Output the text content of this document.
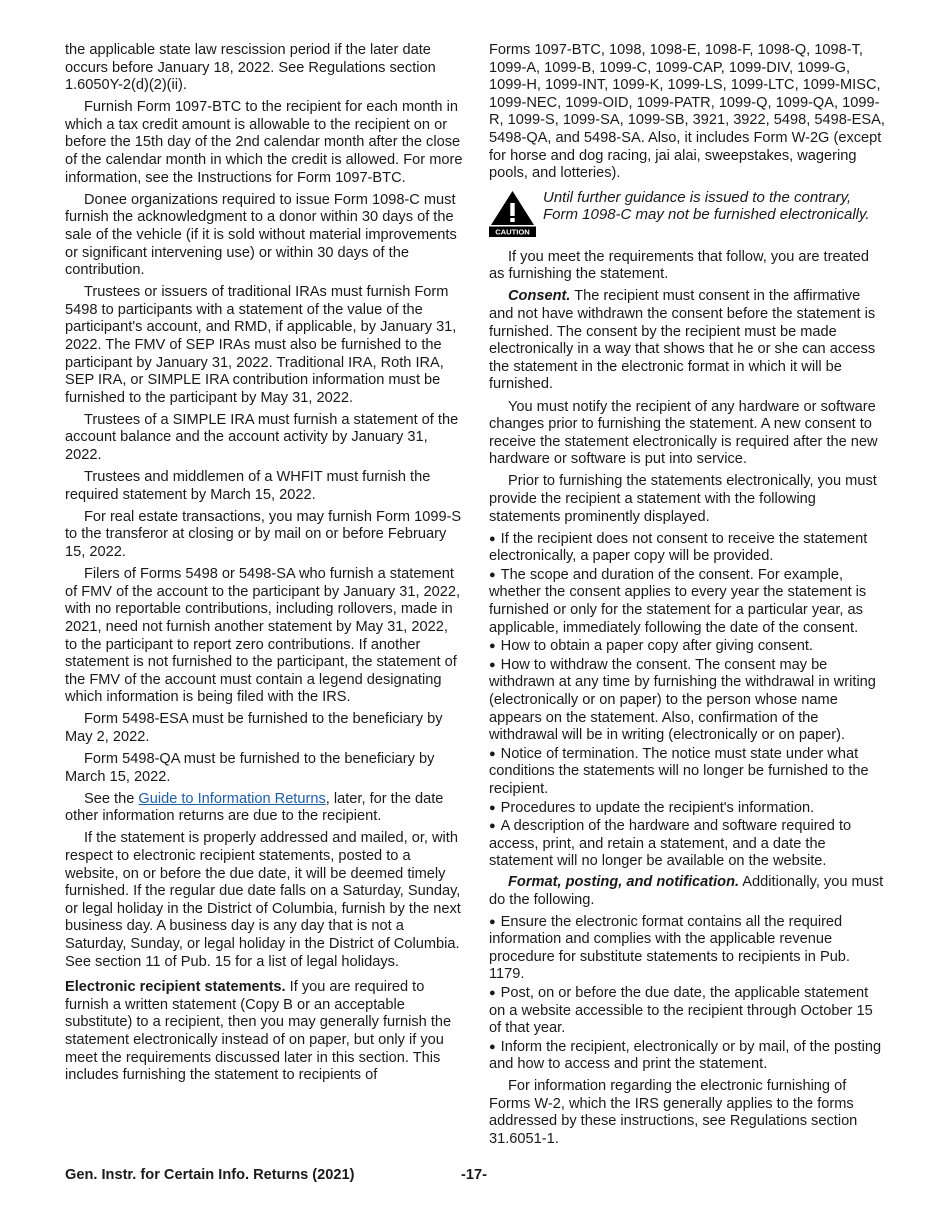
the applicable state law rescission period if the later date occurs before January 18, 2022. See Regulations section 1.6050Y-2(d)(2)(ii).

Furnish Form 1097-BTC to the recipient for each month in which a tax credit amount is allowable to the recipient on or before the 15th day of the 2nd calendar month after the close of the calendar month in which the credit is allowed. For more information, see the Instructions for Form 1097-BTC.

Donee organizations required to issue Form 1098-C must furnish the acknowledgment to a donor within 30 days of the sale of the vehicle (if it is sold without material improvements or significant intervening use) or within 30 days of the contribution.

Trustees or issuers of traditional IRAs must furnish Form 5498 to participants with a statement of the value of the participant's account, and RMD, if applicable, by January 31, 2022. The FMV of SEP IRAs must also be furnished to the participant by January 31, 2022. Traditional IRA, Roth IRA, SEP IRA, or SIMPLE IRA contribution information must be furnished to the participant by May 31, 2022.

Trustees of a SIMPLE IRA must furnish a statement of the account balance and the account activity by January 31, 2022.

Trustees and middlemen of a WHFIT must furnish the required statement by March 15, 2022.

For real estate transactions, you may furnish Form 1099-S to the transferor at closing or by mail on or before February 15, 2022.

Filers of Forms 5498 or 5498-SA who furnish a statement of FMV of the account to the participant by January 31, 2022, with no reportable contributions, including rollovers, made in 2021, need not furnish another statement by May 31, 2022, to the participant to report zero contributions. If another statement is not furnished to the participant, the statement of the FMV of the account must contain a legend designating which information is being filed with the IRS.

Form 5498-ESA must be furnished to the beneficiary by May 2, 2022.

Form 5498-QA must be furnished to the beneficiary by March 15, 2022.

See the Guide to Information Returns, later, for the date other information returns are due to the recipient.

If the statement is properly addressed and mailed, or, with respect to electronic recipient statements, posted to a website, on or before the due date, it will be deemed timely furnished. If the regular due date falls on a Saturday, Sunday, or legal holiday in the District of Columbia, furnish by the next business day. A business day is any day that is not a Saturday, Sunday, or legal holiday in the District of Columbia. See section 11 of Pub. 15 for a list of legal holidays.

Electronic recipient statements. If you are required to furnish a written statement (Copy B or an acceptable substitute) to a recipient, then you may generally furnish the statement electronically instead of on paper, but only if you meet the requirements discussed later in this section. This includes furnishing the statement to recipients of

Forms 1097-BTC, 1098, 1098-E, 1098-F, 1098-Q, 1098-T, 1099-A, 1099-B, 1099-C, 1099-CAP, 1099-DIV, 1099-G, 1099-H, 1099-INT, 1099-K, 1099-LS, 1099-LTC, 1099-MISC, 1099-NEC, 1099-OID, 1099-PATR, 1099-Q, 1099-QA, 1099-R, 1099-S, 1099-SA, 1099-SB, 3921, 3922, 5498, 5498-ESA, 5498-QA, and 5498-SA. Also, it includes Form W-2G (except for horse and dog racing, jai alai, sweepstakes, wagering pools, and lotteries).

CAUTION
Until further guidance is issued to the contrary, Form 1098-C may not be furnished electronically.

If you meet the requirements that follow, you are treated as furnishing the statement.

Consent. The recipient must consent in the affirmative and not have withdrawn the consent before the statement is furnished. The consent by the recipient must be made electronically in a way that shows that he or she can access the statement in the electronic format in which it will be furnished.

You must notify the recipient of any hardware or software changes prior to furnishing the statement. A new consent to receive the statement electronically is required after the new hardware or software is put into service.

Prior to furnishing the statements electronically, you must provide the recipient a statement with the following statements prominently displayed.

● If the recipient does not consent to receive the statement electronically, a paper copy will be provided.

● The scope and duration of the consent. For example, whether the consent applies to every year the statement is furnished or only for the statement for a particular year, as applicable, immediately following the date of the consent.

● How to obtain a paper copy after giving consent.

● How to withdraw the consent. The consent may be withdrawn at any time by furnishing the withdrawal in writing (electronically or on paper) to the person whose name appears on the statement. Also, confirmation of the withdrawal will be in writing (electronically or on paper).

● Notice of termination. The notice must state under what conditions the statements will no longer be furnished to the recipient.

● Procedures to update the recipient's information.

● A description of the hardware and software required to access, print, and retain a statement, and a date the statement will no longer be available on the website.

Format, posting, and notification. Additionally, you must do the following.

● Ensure the electronic format contains all the required information and complies with the applicable revenue procedure for substitute statements to recipients in Pub. 1179.

● Post, on or before the due date, the applicable statement on a website accessible to the recipient through October 15 of that year.

● Inform the recipient, electronically or by mail, of the posting and how to access and print the statement.

For information regarding the electronic furnishing of Forms W-2, which the IRS generally applies to the forms addressed by these instructions, see Regulations section 31.6051-1.

Gen. Instr. for Certain Info. Returns (2021)	-17-
